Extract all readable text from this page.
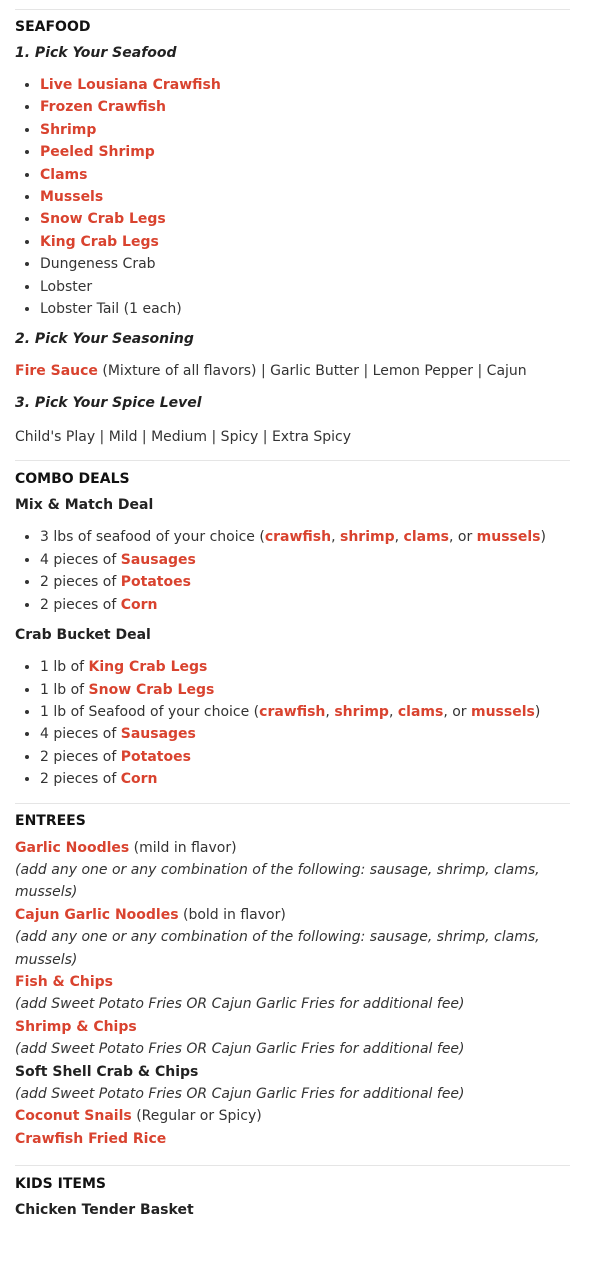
SEAFOOD
1. Pick Your Seafood
• Live Lousiana Crawfish
• Frozen Crawfish
• Shrimp
• Peeled Shrimp
• Clams
• Mussels
• Snow Crab Legs
• King Crab Legs
• Dungeness Crab
• Lobster
• Lobster Tail (1 each)
2. Pick Your Seasoning
Fire Sauce (Mixture of all flavors) | Garlic Butter | Lemon Pepper | Cajun
3. Pick Your Spice Level
Child's Play | Mild | Medium | Spicy | Extra Spicy
COMBO DEALS
Mix & Match Deal
• 3 lbs of seafood of your choice (crawfish, shrimp, clams, or mussels)
• 4 pieces of Sausages
• 2 pieces of Potatoes
• 2 pieces of Corn
Crab Bucket Deal
• 1 lb of King Crab Legs
• 1 lb of Snow Crab Legs
• 1 lb of Seafood of your choice (crawfish, shrimp, clams, or mussels)
• 4 pieces of Sausages
• 2 pieces of Potatoes
• 2 pieces of Corn
ENTREES
Garlic Noodles (mild in flavor)
(add any one or any combination of the following: sausage, shrimp, clams, mussels)
Cajun Garlic Noodles (bold in flavor)
(add any one or any combination of the following: sausage, shrimp, clams, mussels)
Fish & Chips
(add Sweet Potato Fries OR Cajun Garlic Fries for additional fee)
Shrimp & Chips
(add Sweet Potato Fries OR Cajun Garlic Fries for additional fee)
Soft Shell Crab & Chips
(add Sweet Potato Fries OR Cajun Garlic Fries for additional fee)
Coconut Snails (Regular or Spicy)
Crawfish Fried Rice
KIDS ITEMS
Chicken Tender Basket
